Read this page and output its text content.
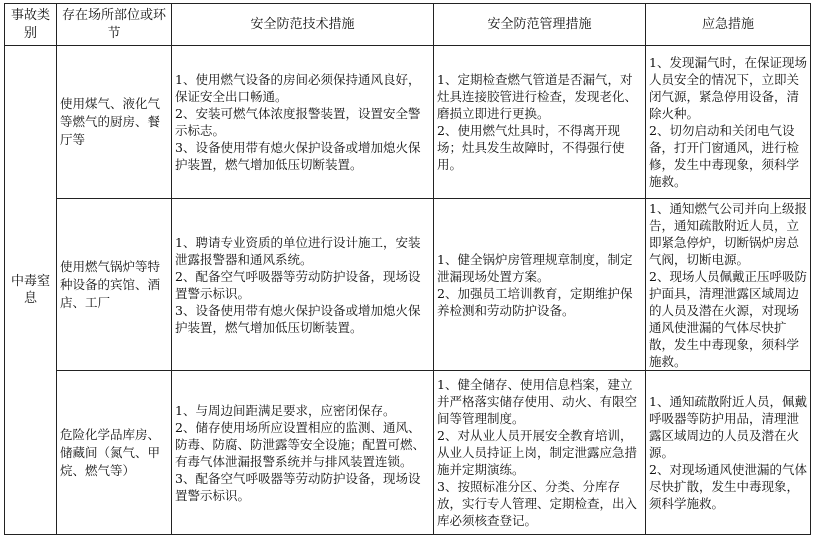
事故类别	存在场所部位或环节	安全防范技术措施	安全防范管理措施	应急措施
中毒窒息	使用煤气、液化气等燃气的厨房、餐厅等	1、使用燃气设备的房间必须保持通风良好，保证安全出口畅通。
2、安装可燃气体浓度报警装置，设置安全警示标志。
3、设备使用带有熄火保护设备或增加熄火保护装置，燃气增加低压切断装置。	1、定期检查燃气管道是否漏气，对灶具连接胶管进行检查，发现老化、磨损立即进行更换。
2、使用燃气灶具时，不得离开现场；灶具发生故障时，不得强行使用。	1、发现漏气时，在保证现场人员安全的情况下，立即关闭气源，紧急停用设备，清除火种。
2、切勿启动和关闭电气设备，打开门窗通风，进行检修，发生中毒现象，须科学施救。

	使用燃气锅炉等特种设备的宾馆、酒店、工厂	1、聘请专业资质的单位进行设计施工，安装泄露报警器和通风系统。
2、配备空气呼吸器等劳动防护设备，现场设置警示标识。
3、设备使用带有熄火保护设备或增加熄火保护装置，燃气增加低压切断装置。	1、健全锅炉房管理规章制度，制定泄漏现场处置方案。
2、加强员工培训教育，定期维护保养检测和劳动防护设备。	1、通知燃气公司并向上级报告，通知疏散附近人员，立即紧急停炉，切断锅炉房总气阀，切断电源。
2、现场人员佩戴正压呼吸防护面具，清理泄露区域周边的人员及潜在火源，对现场通风使泄漏的气体尽快扩散，发生中毒现象，须科学施救。

	危险化学品库房、储藏间（氮气、甲烷、燃气等）	1、与周边间距满足要求，应密闭保存。
2、储存使用场所应设置相应的监测、通风、防毒、防腐、防泄露等安全设施；配置可燃、有毒气体泄漏报警系统并与排风装置连锁。
3、配备空气呼吸器等劳动防护设备，现场设置警示标识。	1、健全储存、使用信息档案，建立并严格落实储存使用、动火、有限空间等管理制度。
2、对从业人员开展安全教育培训，从业人员持证上岗，制定泄露应急措施并定期演练。
3、按照标准分区、分类、分库存放，实行专人管理、定期检查，出入库必须核查登记。	1、通知疏散附近人员，佩戴呼吸器等防护用品，清理泄露区域周边的人员及潜在火源。
2、对现场通风使泄漏的气体尽快扩散，发生中毒现象，须科学施救。
